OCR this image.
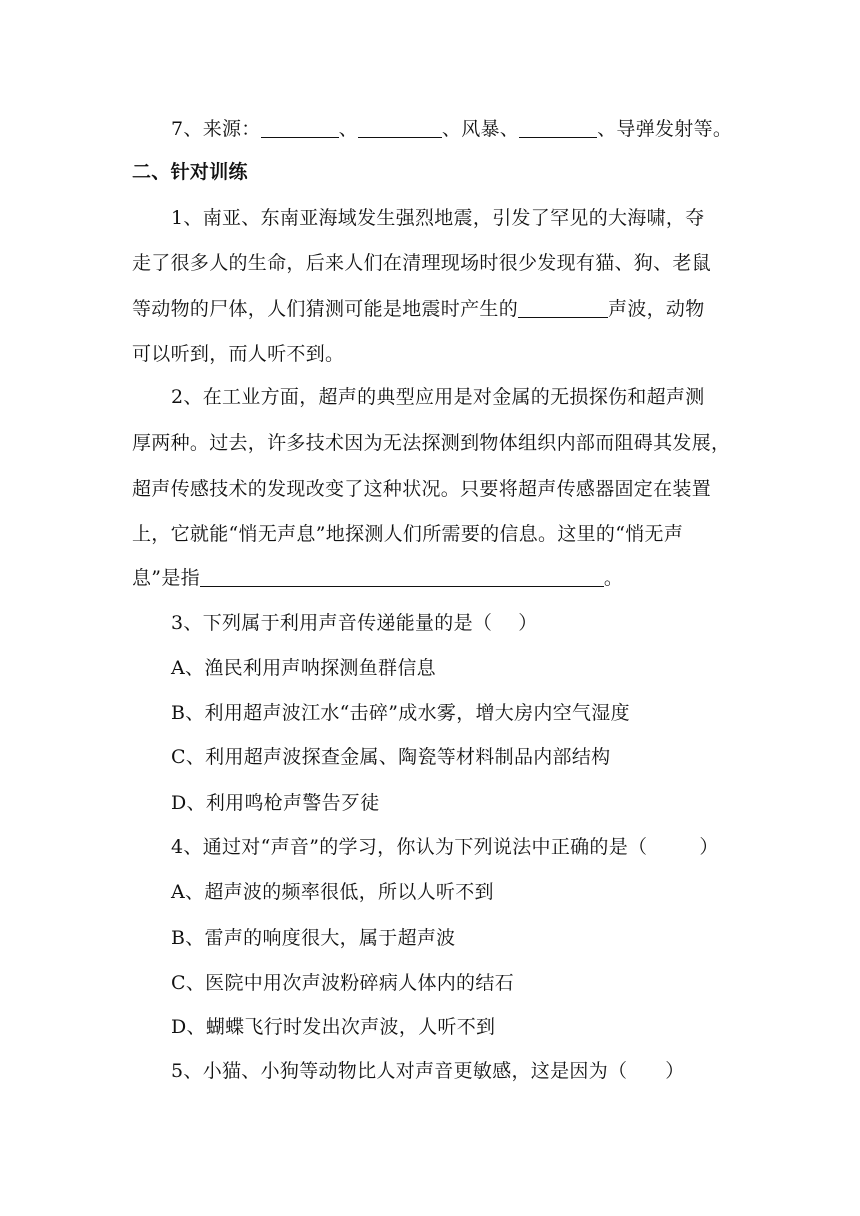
7、来源：	、	、风暴、	、导弹发射等。
二、针对训练
1、南亚、东南亚海域发生强烈地震，引发了罕见的大海啸，夺
走了很多人的生命，后来人们在清理现场时很少发现有猫、狗、老鼠
等动物的尸体，人们猜测可能是地震时产生的	声波，动物
可以听到，而人听不到。
2、在工业方面，超声的典型应用是对金属的无损探伤和超声测
厚两种。过去，许多技术因为无法探测到物体组织内部而阻碍其发展，
超声传感技术的发现改变了这种状况。只要将超声传感器固定在装置
上，它就能“悄无声息”地探测人们所需要的信息。这里的“悄无声
息”是指	。
3、下列属于利用声音传递能量的是（ ）
A、渔民利用声呐探测鱼群信息
B、利用超声波江水“击碎”成水雾，增大房内空气湿度
C、利用超声波探查金属、陶瓷等材料制品内部结构
D、利用鸣枪声警告歹徒
4、通过对“声音”的学习，你认为下列说法中正确的是（	）
A、超声波的频率很低，所以人听不到
B、雷声的响度很大，属于超声波
C、医院中用次声波粉碎病人体内的结石
D、蝴蝶飞行时发出次声波，人听不到
5、小猫、小狗等动物比人对声音更敏感，这是因为（ ）
